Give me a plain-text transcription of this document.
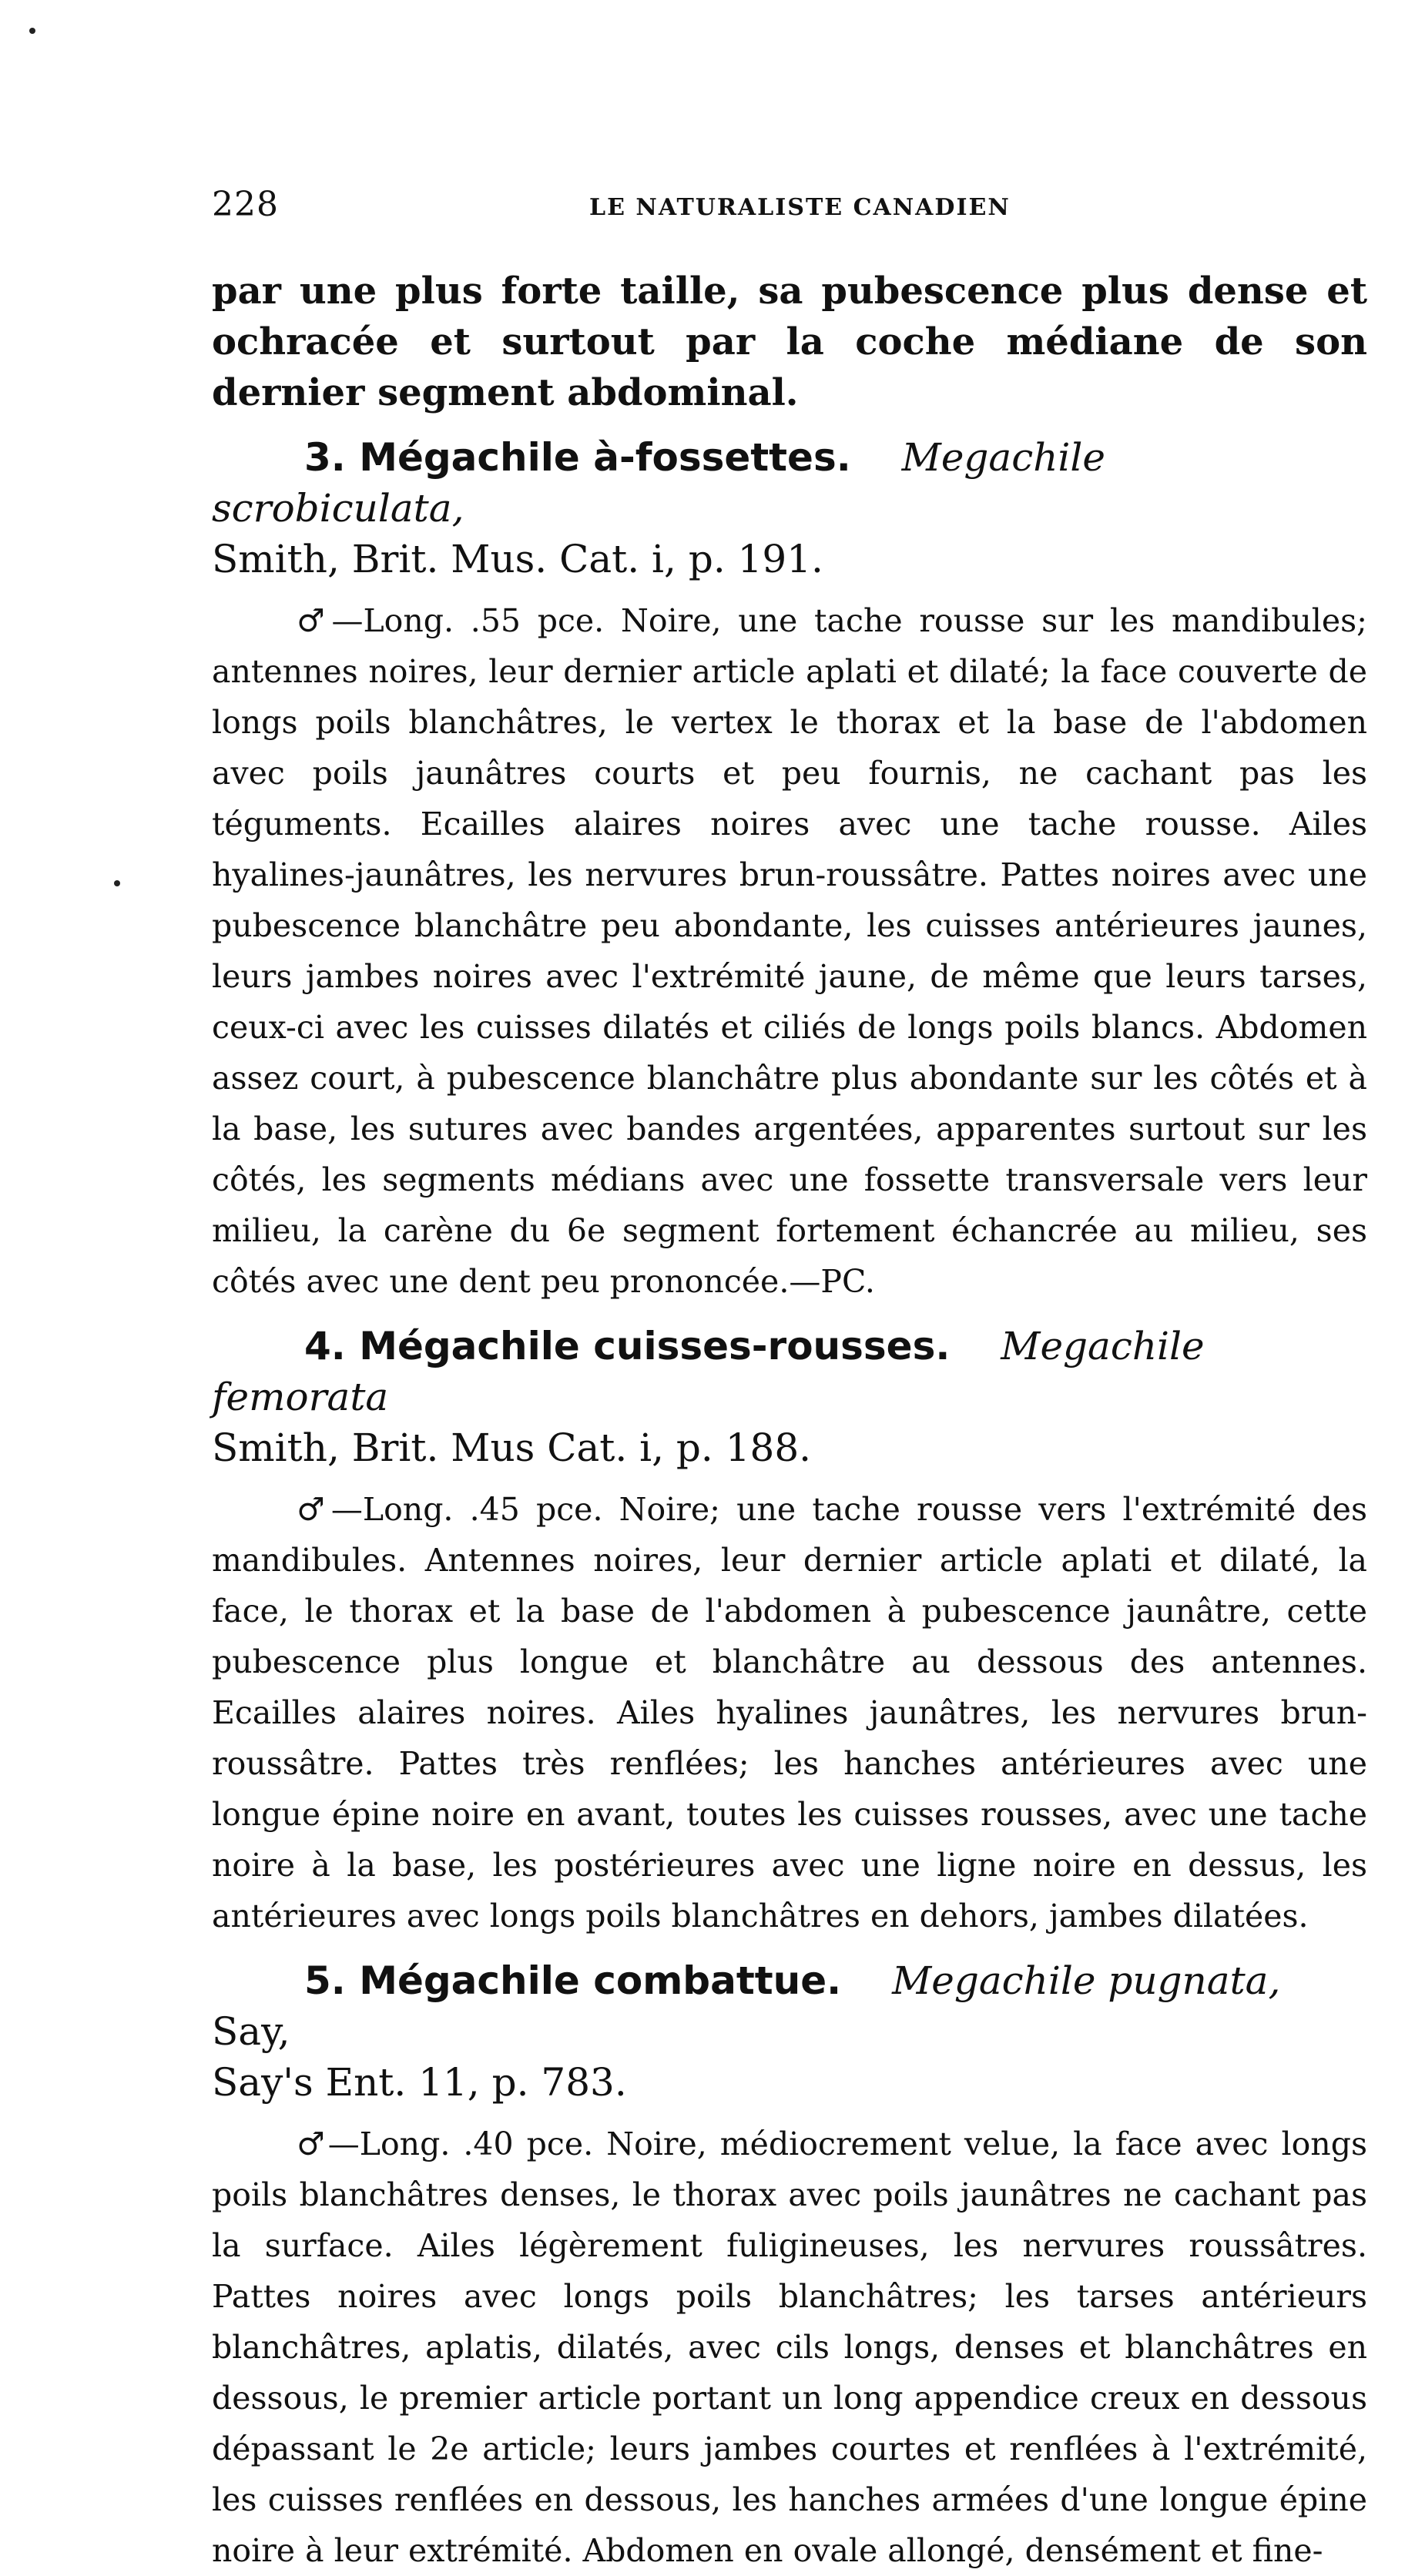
228	LE NATURALISTE CANADIEN

par une plus forte taille, sa pubescence plus dense et ochracée et surtout par la coche médiane de son dernier segment abdominal.

3. Mégachile à-fossettes.   Megachile scrobiculata,
Smith, Brit. Mus. Cat. i, p. 191.

♂—Long. .55 pce. Noire, une tache rousse sur les mandibules; antennes noires, leur dernier article aplati et dilaté; la face couverte de longs poils blanchâtres, le vertex le thorax et la base de l'abdomen avec poils jaunâtres courts et peu fournis, ne cachant pas les téguments. Ecailles alaires noires avec une tache rousse. Ailes hyalines-jaunâtres, les nervures brun-roussâtre. Pattes noires avec une pubescence blanchâtre peu abondante, les cuisses antérieures jaunes, leurs jambes noires avec l'extrémité jaune, de même que leurs tarses, ceux-ci avec les cuisses dilatés et ciliés de longs poils blancs. Abdomen assez court, à pubescence blanchâtre plus abondante sur les côtés et à la base, les sutures avec bandes argentées, apparentes surtout sur les côtés, les segments médians avec une fossette transversale vers leur milieu, la carène du 6e segment fortement échancrée au milieu, ses côtés avec une dent peu prononcée.—PC.

4. Mégachile cuisses-rousses.   Megachile femorata
Smith, Brit. Mus Cat. i, p. 188.

♂—Long. .45 pce. Noire; une tache rousse vers l'extrémité des mandibules. Antennes noires, leur dernier article aplati et dilaté, la face, le thorax et la base de l'abdomen à pubescence jaunâtre, cette pubescence plus longue et blanchâtre au dessous des antennes. Ecailles alaires noires. Ailes hyalines jaunâtres, les nervures brun-roussâtre. Pattes très renflées; les hanches antérieures avec une longue épine noire en avant, toutes les cuisses rousses, avec une tache noire à la base, les postérieures avec une ligne noire en dessus, les antérieures avec longs poils blanchâtres en dehors, jambes dilatées.

5. Mégachile combattue.   Megachile pugnata, Say,
Say's Ent. 11, p. 783.

♂—Long. .40 pce. Noire, médiocrement velue, la face avec longs poils blanchâtres denses, le thorax avec poils jaunâtres ne cachant pas la surface. Ailes légèrement fuligineuses, les nervures roussâtres. Pattes noires avec longs poils blanchâtres; les tarses antérieurs blanchâtres, aplatis, dilatés, avec cils longs, denses et blanchâtres en dessous, le premier article portant un long appendice creux en dessous dépassant le 2e article; leurs jambes courtes et renflées à l'extrémité, les cuisses renflées en dessous, les hanches armées d'une longue épine noire à leur extrémité. Abdomen en ovale allongé, densément et fine-
